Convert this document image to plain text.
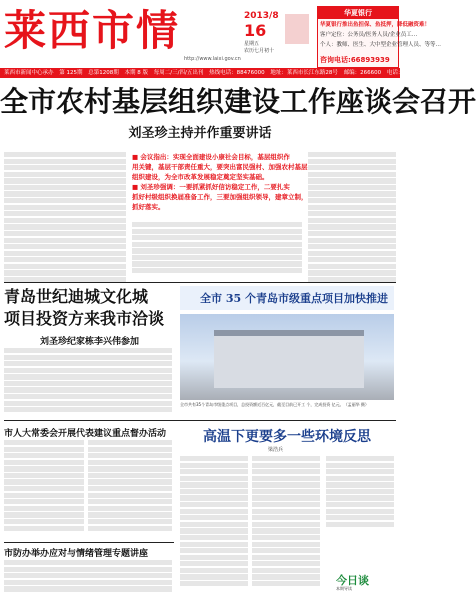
莱西市情	2013/8
16
星期五
农历七月初十
华夏银行
华夏银行推出鱼担保、鱼抵押，降低融资难！
客户定位：公务员/医务人员/企业员工…
个人：教师、医生、大中型企业管理人员、等等…
咨询电话:66893939
http://www.laixi.gov.cn
莱西市新闻中心承办 第 125期 总第1208期 本期 8 版 每周二/三/四/五出刊 热线电话：88476000 地址：莱西市长江东路28号 邮编：266600 电话：88476000
全市农村基层组织建设工作座谈会召开
刘圣珍主持并作重要讲话
■ 会议指出：实现全面建设小康社会目标，基层组织作
用关键，基层干部责任重大，要突出富民强村、加强农村基层
组织建设，为全市改革发展稳定奠定坚实基础。
■ 刘圣珍强调：一要抓紧抓好信访稳定工作，二要扎实
抓好村级组织换届准备工作，三要加强组织领导，建章立制，
抓好落实。
青岛世纪迪城文化城
项目投资方来我市洽谈
刘圣珍纪家栋李兴伟参加
全市 35 个青岛市级重点项目加快推进
全市共有35个青岛市级重点项目，总投资额近百亿元，截至目前已开工 个，完成投资 亿元。（孟丽华 摄）
市人大常委会开展代表建议重点督办活动	高温下更要多一些环境反思
梁浩兵
市防办举办应对与情绪管理专题讲座
今日谈
本期导读
